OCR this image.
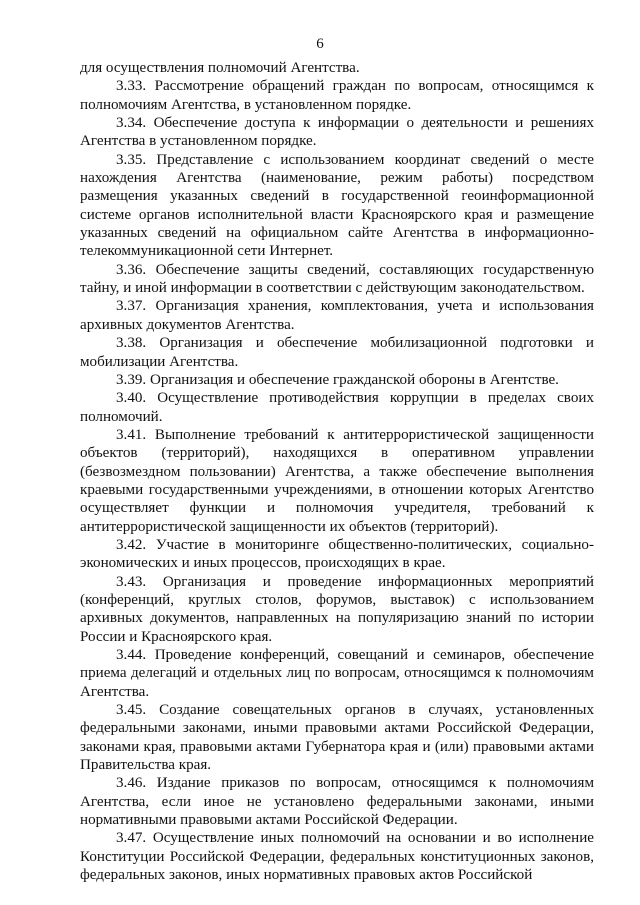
6

для осуществления полномочий Агентства.

3.33. Рассмотрение обращений граждан по вопросам, относящимся к полномочиям Агентства, в установленном порядке.

3.34. Обеспечение доступа к информации о деятельности и решениях Агентства в установленном порядке.

3.35. Представление с использованием координат сведений о месте нахождения Агентства (наименование, режим работы) посредством размещения указанных сведений в государственной геоинформационной системе органов исполнительной власти Красноярского края и размещение указанных сведений на официальном сайте Агентства в информационно-телекоммуникационной сети Интернет.

3.36. Обеспечение защиты сведений, составляющих государственную тайну, и иной информации в соответствии с действующим законодательством.

3.37. Организация хранения, комплектования, учета и использования архивных документов Агентства.

3.38. Организация и обеспечение мобилизационной подготовки и мобилизации Агентства.

3.39. Организация и обеспечение гражданской обороны в Агентстве.

3.40. Осуществление противодействия коррупции в пределах своих полномочий.

3.41. Выполнение требований к антитеррористической защищенности объектов (территорий), находящихся в оперативном управлении (безвозмездном пользовании) Агентства, а также обеспечение выполнения краевыми государственными учреждениями, в отношении которых Агентство осуществляет функции и полномочия учредителя, требований к антитеррористической защищенности их объектов (территорий).

3.42. Участие в мониторинге общественно-политических, социально-экономических и иных процессов, происходящих в крае.

3.43. Организация и проведение информационных мероприятий (конференций, круглых столов, форумов, выставок) с использованием архивных документов, направленных на популяризацию знаний по истории России и Красноярского края.

3.44. Проведение конференций, совещаний и семинаров, обеспечение приема делегаций и отдельных лиц по вопросам, относящимся к полномочиям Агентства.

3.45. Создание совещательных органов в случаях, установленных федеральными законами, иными правовыми актами Российской Федерации, законами края, правовыми актами Губернатора края и (или) правовыми актами Правительства края.

3.46. Издание приказов по вопросам, относящимся к полномочиям Агентства, если иное не установлено федеральными законами, иными нормативными правовыми актами Российской Федерации.

3.47. Осуществление иных полномочий на основании и во исполнение Конституции Российской Федерации, федеральных конституционных законов, федеральных законов, иных нормативных правовых актов Российской
